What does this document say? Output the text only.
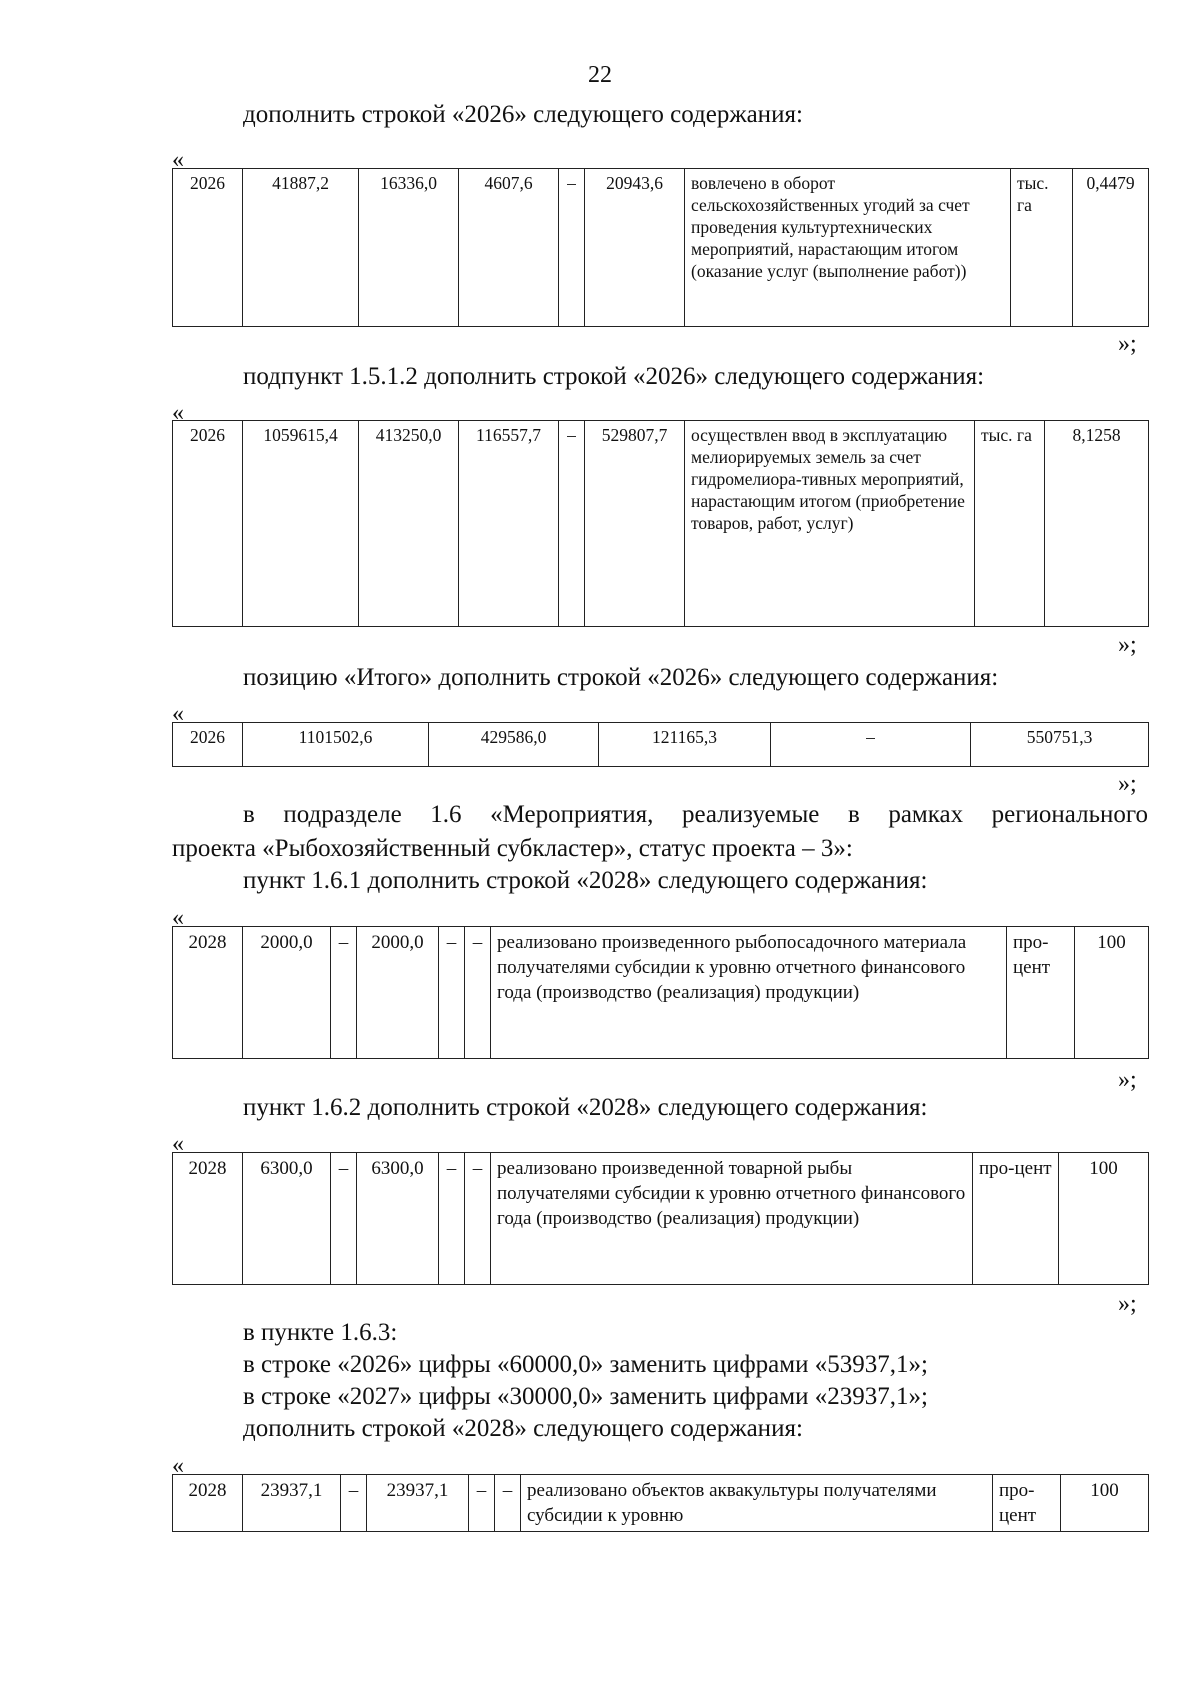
22
дополнить строкой «2026» следующего содержания:
«
2026	41887,2	16336,0	4607,6	–	20943,6	вовлечено в оборот сельскохозяйственных угодий за счет проведения культуртехнических мероприятий, нарастающим итогом (оказание услуг (выполнение работ))	тыс. га	0,4479
»;
подпункт 1.5.1.2 дополнить строкой «2026» следующего содержания:
«
2026	1059615,4	413250,0	116557,7	–	529807,7	осуществлен ввод в эксплуатацию мелиорируемых земель за счет гидромелиора-тивных мероприятий, нарастающим итогом (приобретение товаров, работ, услуг)	тыс. га	8,1258
»;
позицию «Итого» дополнить строкой «2026» следующего содержания:
«
2026	1101502,6	429586,0	121165,3	–	550751,3
»;
в подразделе 1.6 «Мероприятия, реализуемые в рамках регионального
проекта «Рыбохозяйственный субкластер», статус проекта – 3»:
пункт 1.6.1 дополнить строкой «2028» следующего содержания:
«
2028	2000,0	–	2000,0	–	–	реализовано произведенного рыбопосадочного материала получателями субсидии к уровню отчетного финансового года (производство (реализация) продукции)	про-цент	100
»;
пункт 1.6.2 дополнить строкой «2028» следующего содержания:
«
2028	6300,0	–	6300,0	–	–	реализовано произведенной товарной рыбы получателями субсидии к уровню отчетного финансового года (производство (реализация) продукции)	про-цент	100
»;
в пункте 1.6.3:
в строке «2026» цифры «60000,0» заменить цифрами «53937,1»;
в строке «2027» цифры «30000,0» заменить цифрами «23937,1»;
дополнить строкой «2028» следующего содержания:
«
2028	23937,1	–	23937,1	–	–	реализовано объектов аквакультуры получателями субсидии к уровню	про-цент	100
